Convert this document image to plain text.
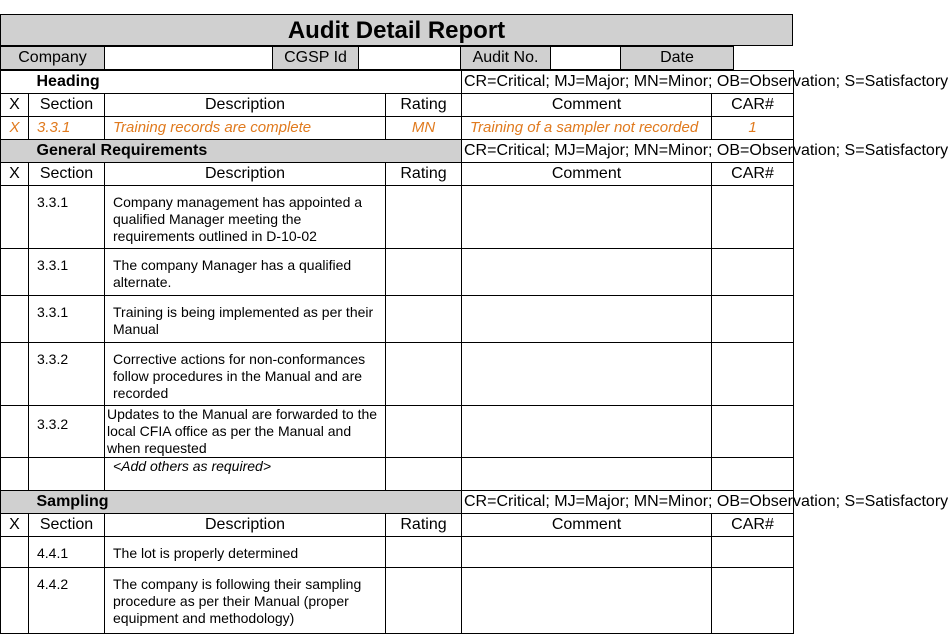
Audit Detail Report
Company		CGSP Id		Audit No.		Date
	Heading			CR=Critical; MJ=Major; MN=Minor; OB=Observation; S=Satisfactory	
X	Section	Description	Rating	Comment	CAR#
X	3.3.1	Training records are complete	MN	Training of a sampler not recorded	1
	General Requirements			CR=Critical; MJ=Major; MN=Minor; OB=Observation; S=Satisfactory	
X	Section	Description	Rating	Comment	CAR#
	3.3.1	Company management has appointed a qualified Manager meeting the requirements outlined in D-10-02			
	3.3.1	The company Manager has a qualified alternate.			
	3.3.1	Training is being implemented as per their Manual			
	3.3.2	Corrective actions for non-conformances follow procedures in the Manual and are recorded			
	3.3.2	Updates to the Manual are forwarded to the local CFIA office as per the Manual and when requested			
		<Add others as required>			
	Sampling			CR=Critical; MJ=Major; MN=Minor; OB=Observation; S=Satisfactory	
X	Section	Description	Rating	Comment	CAR#
	4.4.1	The lot is properly determined			
	4.4.2	The company is following their sampling procedure as per their Manual (proper equipment and methodology)			
